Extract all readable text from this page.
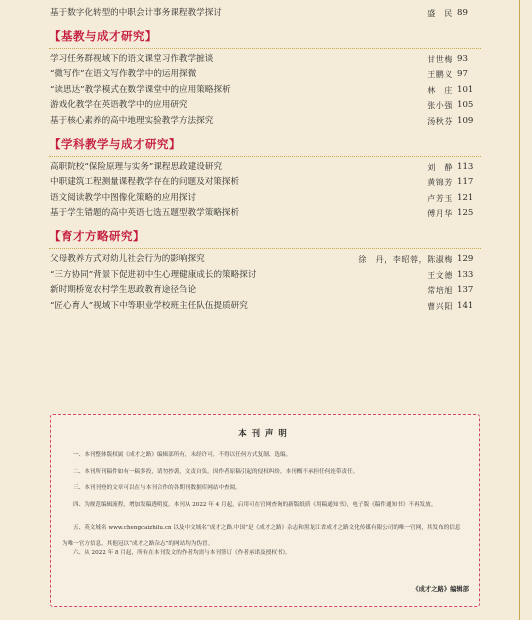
基于数字化转型的中职会计事务课程教学探讨	盛　民 89
【基教与成才研究】
学习任务群视域下的语文课堂习作教学摭谈	甘世梅 93
“微写作”在语文写作教学中的运用探微	王鹏义 97
“读思达”教学模式在数学课堂中的应用策略探析	林　庄 101
游戏化教学在英语教学中的应用研究	张小强 105
基于核心素养的高中地理实验教学方法探究	汤秋芬 109
【学科教学与成才研究】
高职院校“保险原理与实务”课程思政建设研究	刘　静 113
中职建筑工程测量课程教学存在的问题及对策探析	黄锦芳 117
语文阅读教学中图像化策略的应用探讨	卢芳玉 121
基于学生错题的高中英语七选五题型教学策略探析	傅月华 125
【育才方略研究】
父母教养方式对幼儿社会行为的影响探究	徐　丹，李昭蓉，陈淑梅 129
“三方协同”背景下促进初中生心理健康成长的策略探讨	王文德 133
新时期桥宽农村学生思政教育途径刍论	常培旭 137
“匠心育人”视域下中等职业学校班主任队伍提质研究	曹兴阳 141
本刊声明
一、本刊整体版权属《成才之路》编辑部所有，未经许可，不得以任何方式复制、选编。
二、本刊所刊稿件如有一稿多投，请勿抄袭，文责自负。因作者原稿引起的侵权纠纷，本刊概不承担任何连带责任。
三、本刊刊登的文章可以在与本刊合作的各期刊数据库网站中查阅。
四、为规范编辑流程，增加发稿透明度，本刊从 2022 年 4 月起，启用可在官网查询的新版纸质《用稿通知书》，电子版《稿件通知书》不再发放。
五、英文域名 www.chengcaizhilu.cn 以及中文域名“成才之路.中国”是《成才之路》杂志和黑龙江省成才之路文化传媒有限公司的唯一官网，其发布的信息为唯一官方信息，其他冠以“成才之路杂志”的网站均为伪冒。
六、从 2022 年 8 月起，所有在本刊发文的作者均需与本刊签订《作者承诺及授权书》。
《成才之路》编辑部
